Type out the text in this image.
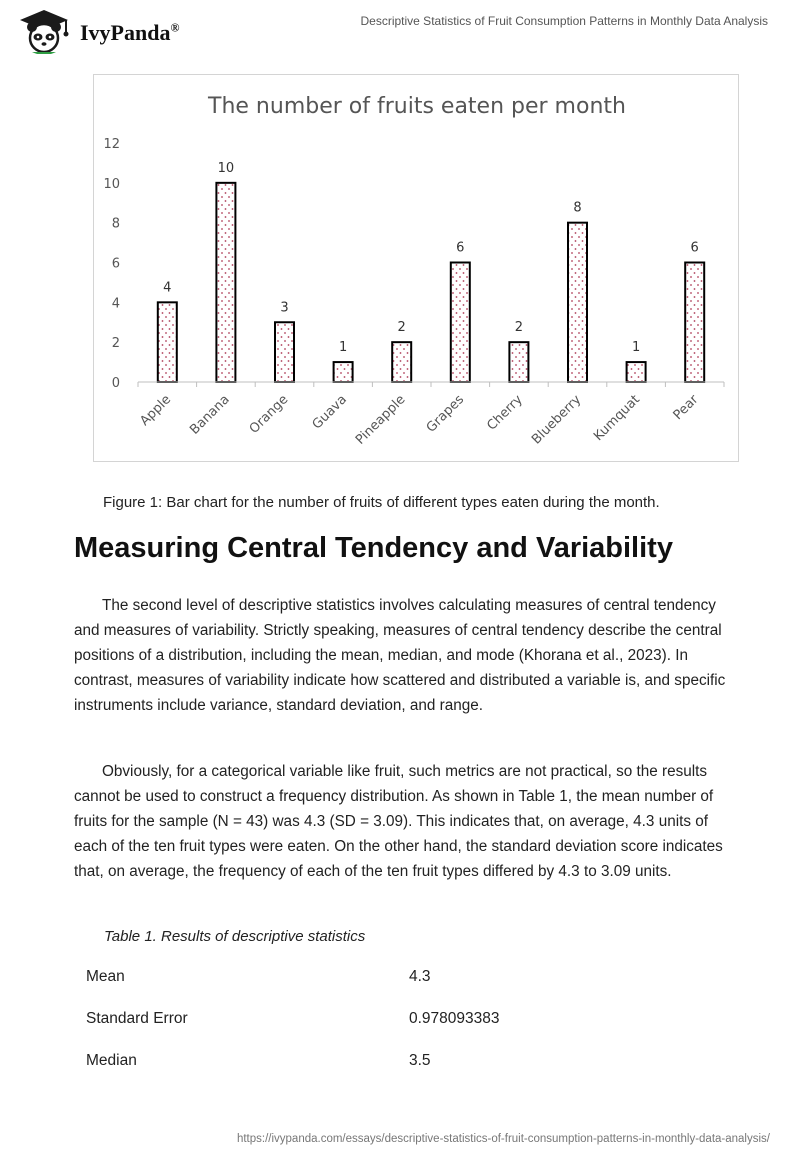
IvyPanda®	Descriptive Statistics of Fruit Consumption Patterns in Monthly Data Analysis
The number of fruits eaten per month
0
2
4
6
8
10
12
4
10
3
1
2
6
2
8
1
6
Apple Banana Orange Guava Pineapple Grapes Cherry Blueberry Kumquat Pear
Figure 1: Bar chart for the number of fruits of different types eaten during the month.
Measuring Central Tendency and Variability

The second level of descriptive statistics involves calculating measures of central tendency and measures of variability. Strictly speaking, measures of central tendency describe the central positions of a distribution, including the mean, median, and mode (Khorana et al., 2023). In contrast, measures of variability indicate how scattered and distributed a variable is, and specific instruments include variance, standard deviation, and range.

Obviously, for a categorical variable like fruit, such metrics are not practical, so the results cannot be used to construct a frequency distribution. As shown in Table 1, the mean number of fruits for the sample (N = 43) was 4.3 (SD = 3.09). This indicates that, on average, 4.3 units of each of the ten fruit types were eaten. On the other hand, the standard deviation score indicates that, on average, the frequency of each of the ten fruit types differed by 4.3 to 3.09 units.

Table 1. Results of descriptive statistics
Mean	4.3
Standard Error	0.978093383
Median	3.5
https://ivypanda.com/essays/descriptive-statistics-of-fruit-consumption-patterns-in-monthly-data-analysis/
